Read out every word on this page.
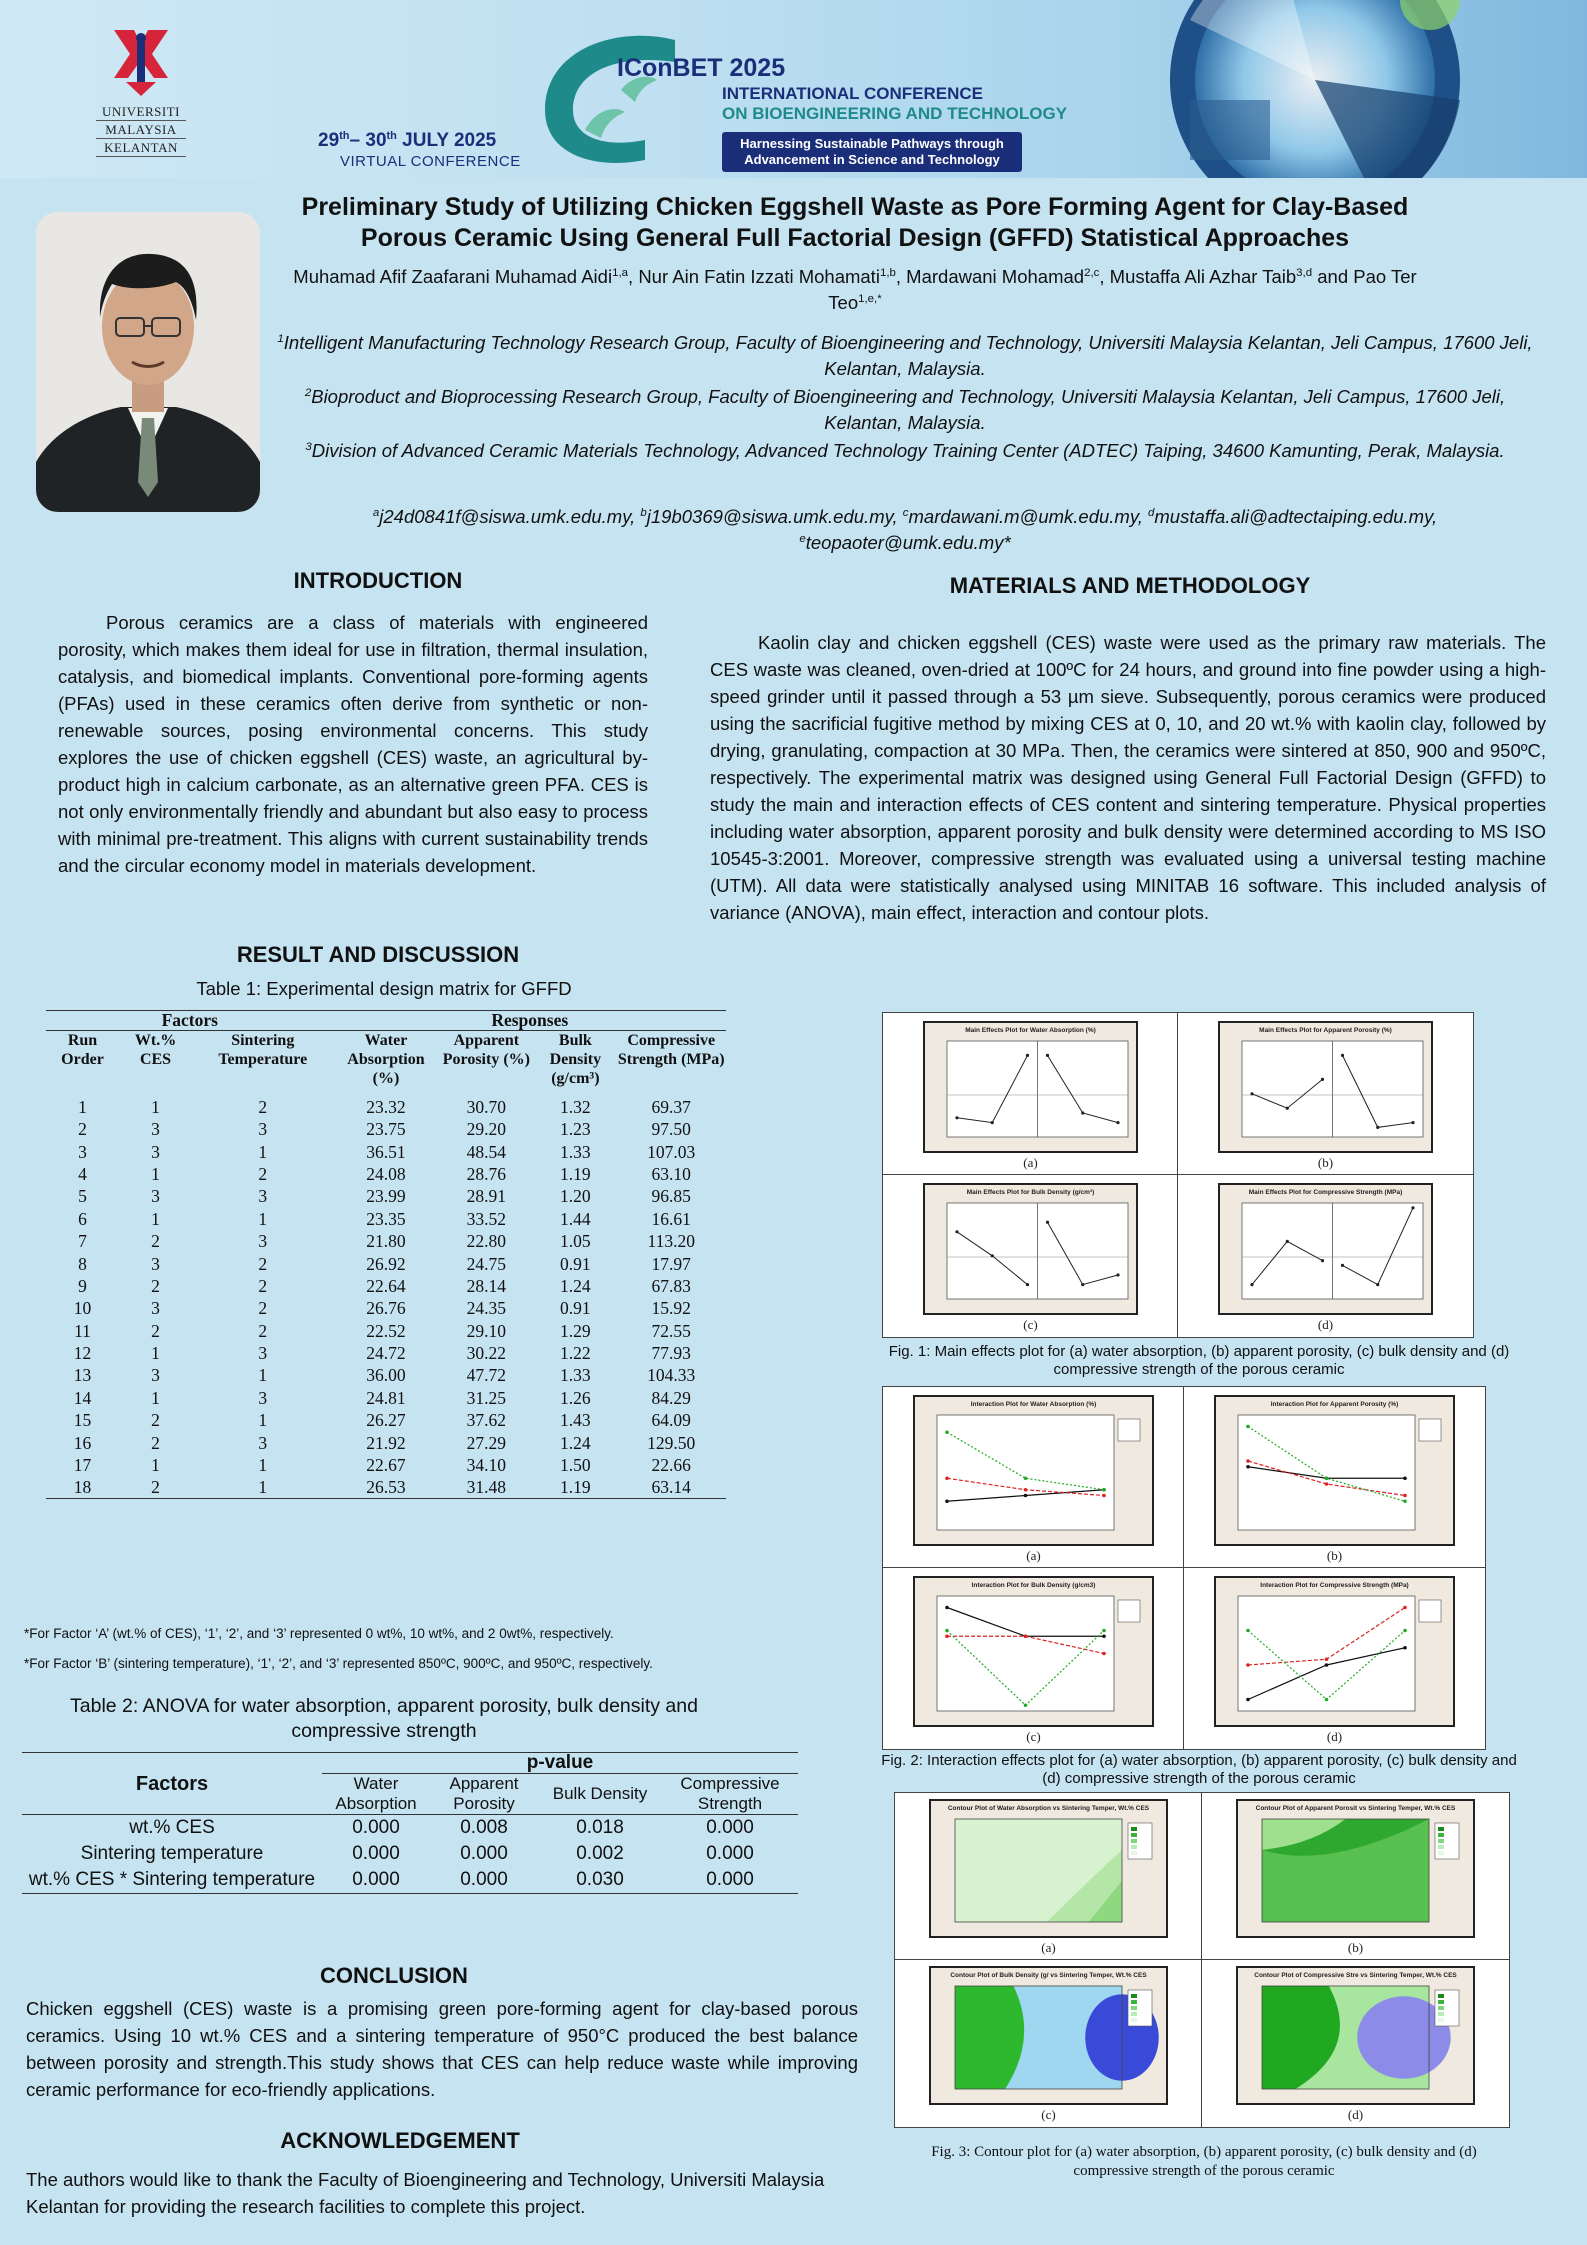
UNIVERSITI
MALAYSIA
KELANTAN	29th– 30th JULY 2025
VIRTUAL CONFERENCE
IConBET 2025
INTERNATIONAL CONFERENCE
ON BIOENGINEERING AND TECHNOLOGY
Harnessing Sustainable Pathways through
Advancement in Science and Technology
Preliminary Study of Utilizing Chicken Eggshell Waste as Pore Forming Agent for Clay-Based
Porous Ceramic Using General Full Factorial Design (GFFD) Statistical Approaches
Muhamad Afif Zaafarani Muhamad Aidi$^{1,a}$, Nur Ain Fatin Izzati Mohamati$^{1,b}$, Mardawani Mohamad$^{2,c}$, Mustaffa Ali Azhar Taib$^{3,d}$ and Pao Ter Teo$^{1,e,*}$

$^1$Intelligent Manufacturing Technology Research Group, Faculty of Bioengineering and Technology, Universiti Malaysia Kelantan, Jeli Campus, 17600 Jeli, Kelantan, Malaysia.

$^2$Bioproduct and Bioprocessing Research Group, Faculty of Bioengineering and Technology, Universiti Malaysia Kelantan, Jeli Campus, 17600 Jeli, Kelantan, Malaysia.

$^3$Division of Advanced Ceramic Materials Technology, Advanced Technology Training Center (ADTEC) Taiping, 34600 Kamunting, Perak, Malaysia.

$^a$j24d0841f@siswa.umk.edu.my, $^b$j19b0369@siswa.umk.edu.my, $^c$mardawani.m@umk.edu.my, $^d$mustaffa.ali@adtectaiping.edu.my, $^e$teopaoter@umk.edu.my*
INTRODUCTION
Porous ceramics are a class of materials with engineered porosity, which makes them ideal for use in filtration, thermal insulation, catalysis, and biomedical implants. Conventional pore-forming agents (PFAs) used in these ceramics often derive from synthetic or non-renewable sources, posing environmental concerns. This study explores the use of chicken eggshell (CES) waste, an agricultural by-product high in calcium carbonate, as an alternative green PFA. CES is not only environmentally friendly and abundant but also easy to process with minimal pre-treatment. This aligns with current sustainability trends and the circular economy model in materials development.
RESULT AND DISCUSSION
Table 1: Experimental design matrix for GFFD
Factors			Responses			
Run Order	Wt.% CES	Sintering Temperature	Water Absorption (%)	Apparent Porosity (%)	Bulk Density (g/cm³)	Compressive Strength (MPa)
1	1	2	23.32	30.70	1.32	69.37
2	3	3	23.75	29.20	1.23	97.50
3	3	1	36.51	48.54	1.33	107.03
4	1	2	24.08	28.76	1.19	63.10
5	3	3	23.99	28.91	1.20	96.85
6	1	1	23.35	33.52	1.44	16.61
7	2	3	21.80	22.80	1.05	113.20
8	3	2	26.92	24.75	0.91	17.97
9	2	2	22.64	28.14	1.24	67.83
10	3	2	26.76	24.35	0.91	15.92
11	2	2	22.52	29.10	1.29	72.55
12	1	3	24.72	30.22	1.22	77.93
13	3	1	36.00	47.72	1.33	104.33
14	1	3	24.81	31.25	1.26	84.29
15	2	1	26.27	37.62	1.43	64.09
16	2	3	21.92	27.29	1.24	129.50
17	1	1	22.67	34.10	1.50	22.66
18	2	1	26.53	31.48	1.19	63.14
*For Factor ‘A’ (wt.% of CES), ‘1’, ‘2’, and ‘3’ represented 0 wt%, 10 wt%, and 2 0wt%, respectively.
*For Factor ‘B’ (sintering temperature), ‘1’, ‘2’, and ‘3’ represented 850ºC, 900ºC, and 950ºC, respectively.
Table 2: ANOVA for water absorption, apparent porosity, bulk density and compressive strength
Factors	p-value			
	Water Absorption	Apparent Porosity	Bulk Density	Compressive Strength
wt.% CES	0.000	0.008	0.018	0.000
Sintering temperature	0.000	0.000	0.002	0.000
wt.% CES * Sintering temperature	0.000	0.000	0.030	0.000
CONCLUSION
Chicken eggshell (CES) waste is a promising green pore-forming agent for clay-based porous ceramics. Using 10 wt.% CES and a sintering temperature of 950°C produced the best balance between porosity and strength.This study shows that CES can help reduce waste while improving ceramic performance for eco-friendly applications.
ACKNOWLEDGEMENT
The authors would like to thank the Faculty of Bioengineering and Technology, Universiti Malaysia Kelantan for providing the research facilities to complete this project.
MATERIALS AND METHODOLOGY
Kaolin clay and chicken eggshell (CES) waste were used as the primary raw materials. The CES waste was cleaned, oven-dried at 100ºC for 24 hours, and ground into fine powder using a high-speed grinder until it passed through a 53 µm sieve. Subsequently, porous ceramics were produced using the sacrificial fugitive method by mixing CES at 0, 10, and 20 wt.% with kaolin clay, followed by drying, granulating, compaction at 30 MPa. Then, the ceramics were sintered at 850, 900 and 950ºC, respectively. The experimental matrix was designed using General Full Factorial Design (GFFD) to study the main and interaction effects of CES content and sintering temperature. Physical properties including water absorption, apparent porosity and bulk density were determined according to MS ISO 10545-3:2001. Moreover, compressive strength was evaluated using a universal testing machine (UTM). All data were statistically analysed using MINITAB 16 software. This included analysis of variance (ANOVA), main effect, interaction and contour plots.
Main Effects Plot for Water Absorption (%)
(a)
Main Effects Plot for Apparent Porosity (%)
(b)
Main Effects Plot for Bulk Density (g/cm³)
(c)
Main Effects Plot for Compressive Strength (MPa)
(d)
Fig. 1: Main effects plot for (a) water absorption, (b) apparent porosity, (c) bulk density and (d) compressive strength of the porous ceramic
Interaction Plot for Water Absorption (%)
(a)
Interaction Plot for Apparent Porosity (%)
(b)
Interaction Plot for Bulk Density (g/cm3)
(c)
Interaction Plot for Compressive Strength (MPa)
(d)
Fig. 2: Interaction effects plot for (a) water absorption, (b) apparent porosity, (c) bulk density and (d) compressive strength of the porous ceramic
Contour Plot of Water Absorption vs Sintering Temper, Wt.% CES
(a)
Contour Plot of Apparent Porosit vs Sintering Temper, Wt.% CES
(b)
Contour Plot of Bulk Density (g/ vs Sintering Temper, Wt.% CES
(c)
Contour Plot of Compressive Stre vs Sintering Temper, Wt.% CES
(d)
Fig. 3: Contour plot for (a) water absorption, (b) apparent porosity, (c) bulk density and (d) compressive strength of the porous ceramic
